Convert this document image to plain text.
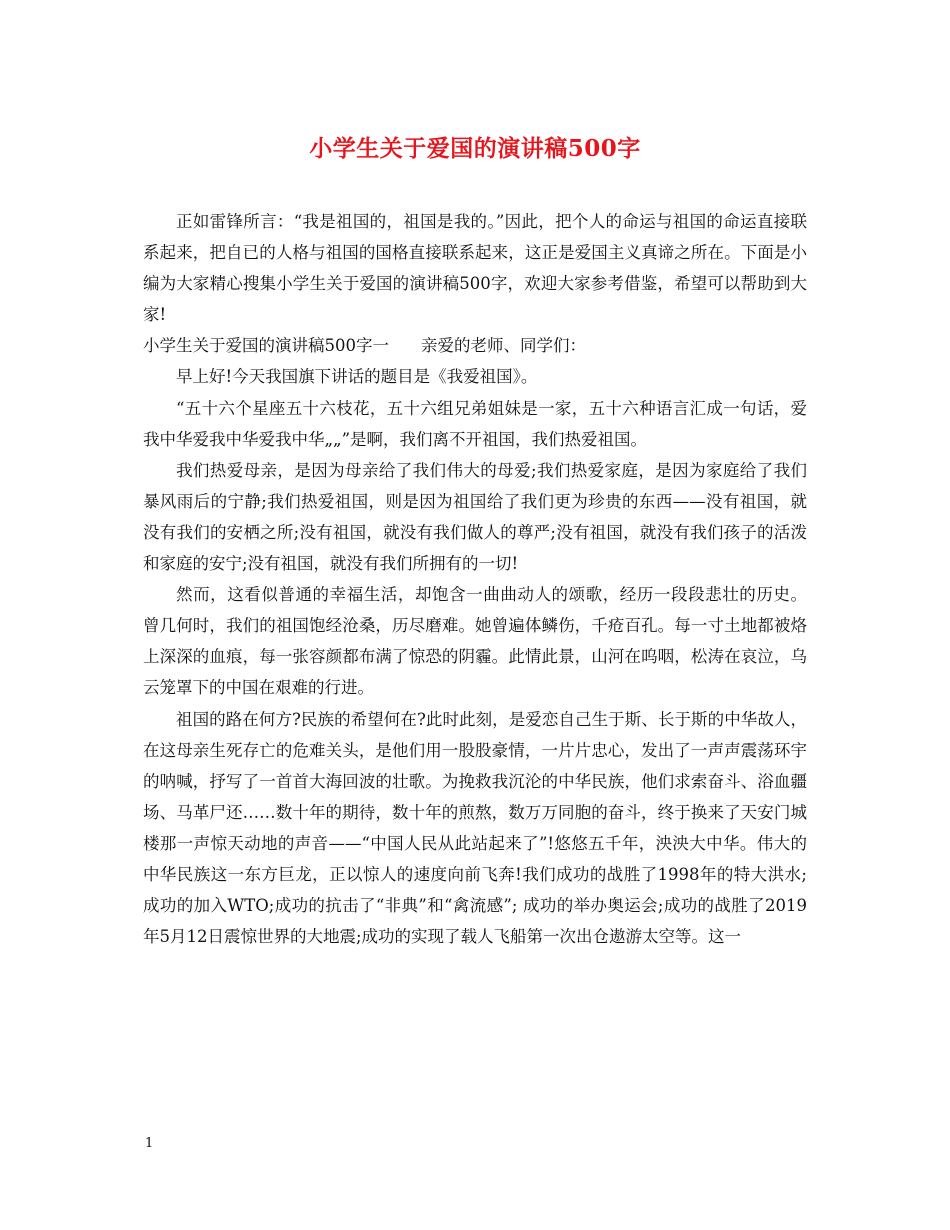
小学生关于爱国的演讲稿500字

正如雷锋所言：“我是祖国的，祖国是我的。”因此，把个人的命运与祖国的命运直接联系起来，把自已的人格与祖国的国格直接联系起来，这正是爱国主义真谛之所在。下面是小编为大家精心搜集小学生关于爱国的演讲稿500字，欢迎大家参考借鉴，希望可以帮助到大家!

小学生关于爱国的演讲稿500字一 亲爱的老师、同学们：

早上好!今天我国旗下讲话的题目是《我爱祖国》。

“五十六个星座五十六枝花，五十六组兄弟姐妹是一家，五十六种语言汇成一句话，爱我中华爱我中华爱我中华„„”是啊，我们离不开祖国，我们热爱祖国。

我们热爱母亲，是因为母亲给了我们伟大的母爱;我们热爱家庭，是因为家庭给了我们暴风雨后的宁静;我们热爱祖国，则是因为祖国给了我们更为珍贵的东西——没有祖国，就没有我们的安栖之所;没有祖国，就没有我们做人的尊严;没有祖国，就没有我们孩子的活泼和家庭的安宁;没有祖国，就没有我们所拥有的一切!

然而，这看似普通的幸福生活，却饱含一曲曲动人的颂歌，经历一段段悲壮的历史。 曾几何时，我们的祖国饱经沧桑，历尽磨难。她曾遍体鳞伤，千疮百孔。每一寸土地都被烙上深深的血痕，每一张容颜都布满了惊恐的阴霾。此情此景，山河在呜咽，松涛在哀泣，乌云笼罩下的中国在艰难的行进。

祖国的路在何方?民族的希望何在?此时此刻，是爱恋自己生于斯、长于斯的中华故人，在这母亲生死存亡的危难关头，是他们用一股股豪情，一片片忠心，发出了一声声震荡环宇的呐喊，抒写了一首首大海回波的壮歌。为挽救我沉沦的中华民族，他们求索奋斗、浴血疆场、马革尸还……数十年的期待，数十年的煎熬，数万万同胞的奋斗，终于换来了天安门城楼那一声惊天动地的声音——“中国人民从此站起来了”!悠悠五千年，泱泱大中华。伟大的中华民族这一东方巨龙，正以惊人的速度向前飞奔!我们成功的战胜了1998年的特大洪水;成功的加入WTO;成功的抗击了“非典”和“禽流感”; 成功的举办奥运会;成功的战胜了2019年5月12日震惊世界的大地震;成功的实现了载人飞船第一次出仓遨游太空等。这一

1
